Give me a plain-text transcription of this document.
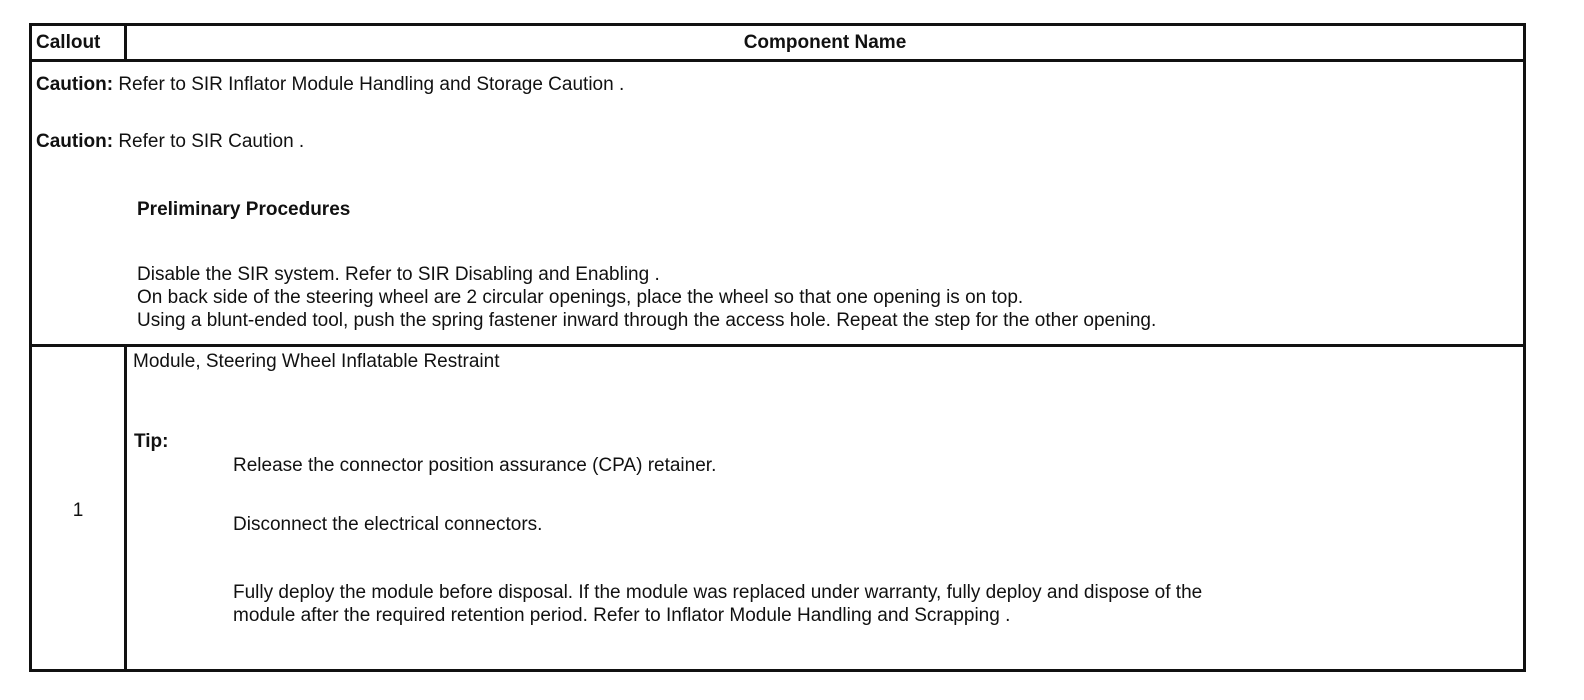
Callout	Component Name
Caution: Refer to SIR Inflator Module Handling and Storage Caution .
Caution: Refer to SIR Caution .
Preliminary Procedures
Disable the SIR system. Refer to SIR Disabling and Enabling .
On back side of the steering wheel are 2 circular openings, place the wheel so that one opening is on top.
Using a blunt-ended tool, push the spring fastener inward through the access hole. Repeat the step for the other opening.
1
Module, Steering Wheel Inflatable Restraint
Tip:
Release the connector position assurance (CPA) retainer.
Disconnect the electrical connectors.
Fully deploy the module before disposal. If the module was replaced under warranty, fully deploy and dispose of the
module after the required retention period. Refer to Inflator Module Handling and Scrapping .
